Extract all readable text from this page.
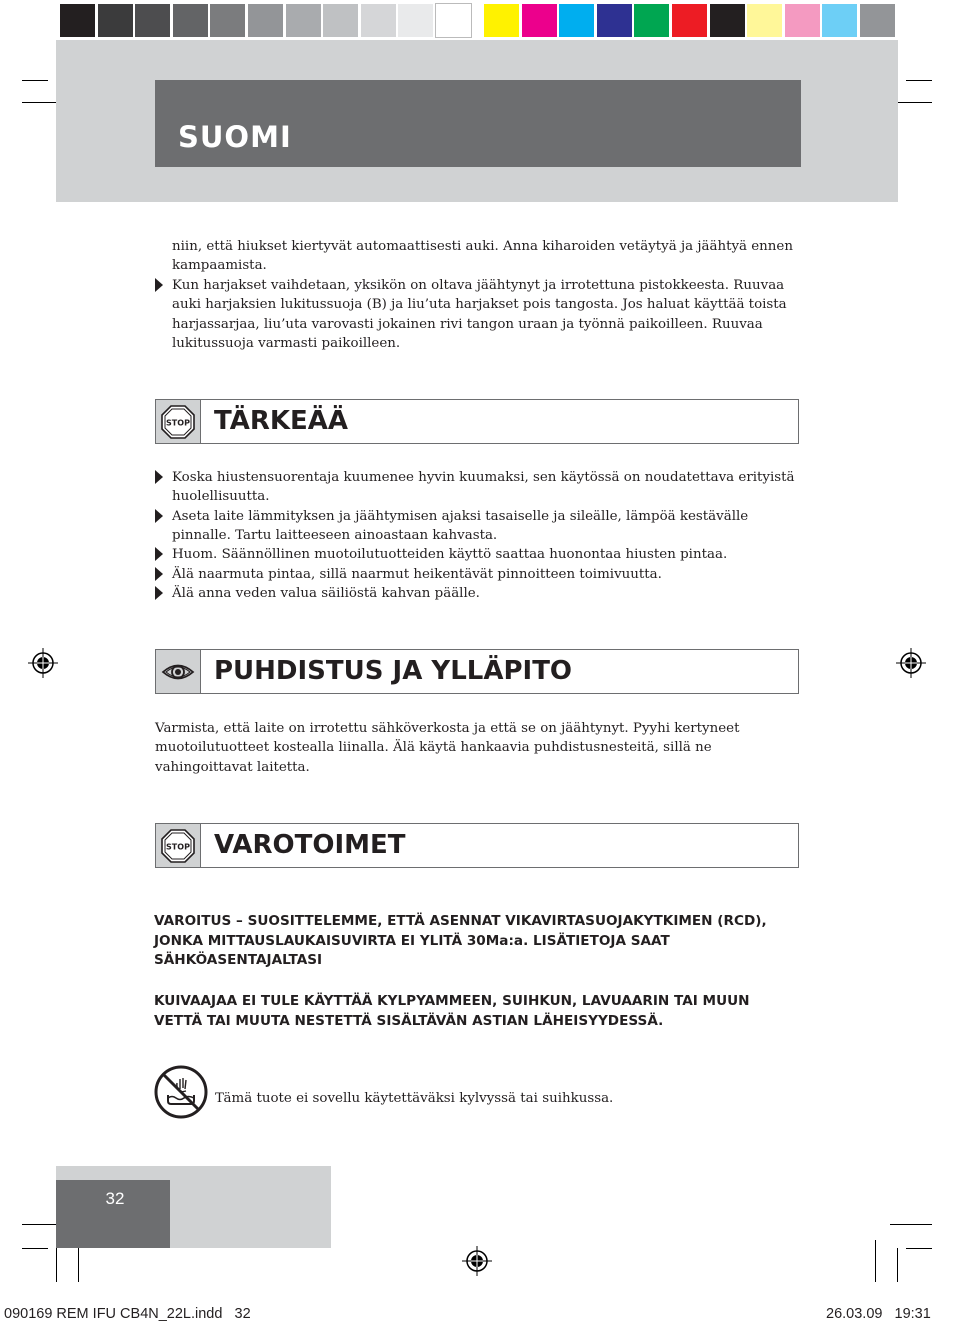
SUOMI
niin, että hiukset kiertyvät automaattisesti auki. Anna kiharoiden vetäytyä ja jäähtyä ennen kampaamista.
Kun harjakset vaihdetaan, yksikön on oltava jäähtynyt ja irrotettuna pistokkeesta. Ruuvaa auki harjaksien lukitussuoja (B) ja liu’uta harjakset pois tangosta. Jos haluat käyttää toista harjassarjaa, liu’uta varovasti jokainen rivi tangon uraan ja työnnä paikoilleen. Ruuvaa lukitussuoja varmasti paikoilleen.
STOP TÄRKEÄÄ
Koska hiustensuorentaja kuumenee hyvin kuumaksi, sen käytössä on noudatettava erityistä huolellisuutta.
Aseta laite lämmityksen ja jäähtymisen ajaksi tasaiselle ja sileälle, lämpöä kestävälle pinnalle. Tartu laitteeseen ainoastaan kahvasta.
Huom. Säännöllinen muotoilutuotteiden käyttö saattaa huonontaa hiusten pintaa.
Älä naarmuta pintaa, sillä naarmut heikentävät pinnoitteen toimivuutta.
Älä anna veden valua säiliöstä kahvan päälle.
PUHDISTUS JA YLLÄPITO
Varmista, että laite on irrotettu sähköverkosta ja että se on jäähtynyt. Pyyhi kertyneet muotoilutuotteet kostealla liinalla. Älä käytä hankaavia puhdistusnesteitä, sillä ne vahingoittavat laitetta.
STOP VAROTOIMET
VAROITUS – SUOSITTELEMME, ETTÄ ASENNAT VIKAVIRTASUOJAKYTKIMEN (RCD), JONKA MITTAUSLAUKAISUVIRTA EI YLITÄ 30Ma:a. LISÄTIETOJA SAAT SÄHKÖASENTAJALTASI
KUIVAAJAA EI TULE KÄYTTÄÄ KYLPYAMMEEN, SUIHKUN, LAVUAARIN TAI MUUN VETTÄ TAI MUUTA NESTETTÄ SISÄLTÄVÄN ASTIAN LÄHEISYYDESSÄ.
Tämä tuote ei sovellu käytettäväksi kylvyssä tai suihkussa.
32
090169 REM IFU CB4N_22L.indd   32	26.03.09   19:31
